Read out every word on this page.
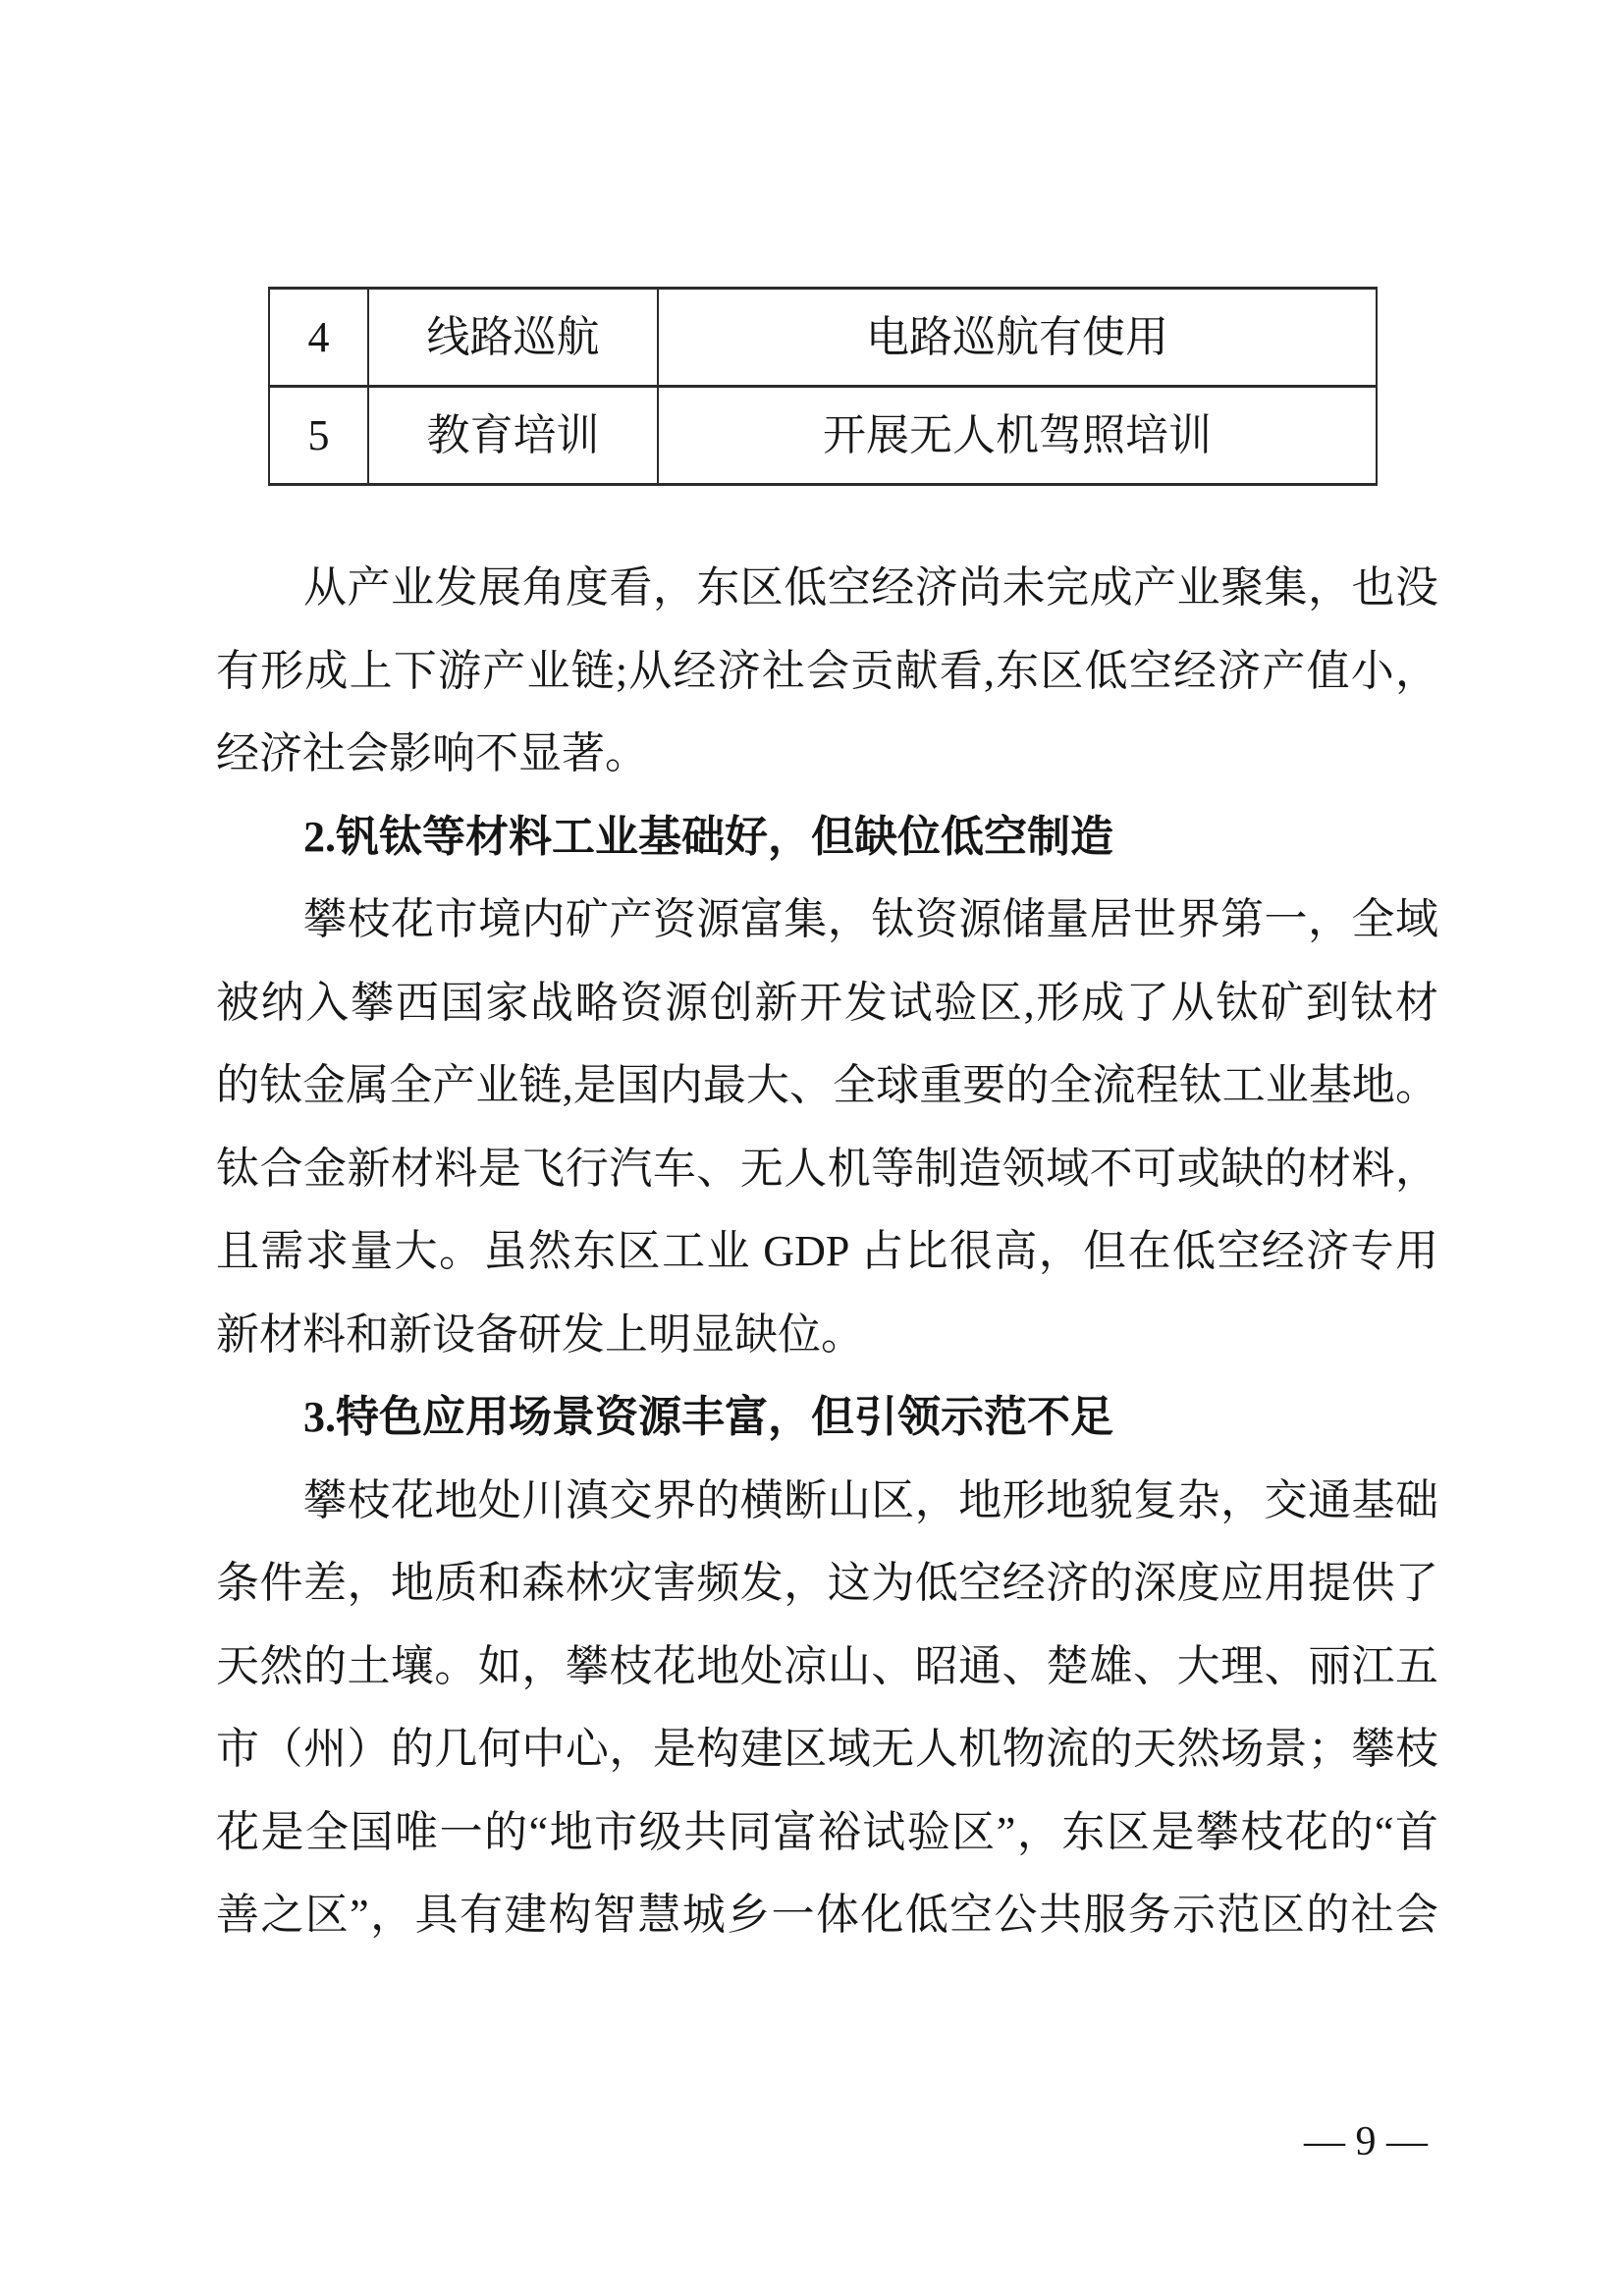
4	线路巡航	电路巡航有使用
5	教育培训	开展无人机驾照培训
从产业发展角度看，东区低空经济尚未完成产业聚集，也没
有形成上下游产业链;从经济社会贡献看,东区低空经济产值小，
经济社会影响不显著。
2.钒钛等材料工业基础好，但缺位低空制造
攀枝花市境内矿产资源富集，钛资源储量居世界第一，全域
被纳入攀西国家战略资源创新开发试验区,形成了从钛矿到钛材
的钛金属全产业链,是国内最大、全球重要的全流程钛工业基地。
钛合金新材料是飞行汽车、无人机等制造领域不可或缺的材料，
且需求量大。虽然东区工业 GDP 占比很高，但在低空经济专用
新材料和新设备研发上明显缺位。
3.特色应用场景资源丰富，但引领示范不足
攀枝花地处川滇交界的横断山区，地形地貌复杂，交通基础
条件差，地质和森林灾害频发，这为低空经济的深度应用提供了
天然的土壤。如，攀枝花地处凉山、昭通、楚雄、大理、丽江五
市（州）的几何中心，是构建区域无人机物流的天然场景；攀枝
花是全国唯一的“地市级共同富裕试验区”，东区是攀枝花的“首
善之区”，具有建构智慧城乡一体化低空公共服务示范区的社会
— 9 —
